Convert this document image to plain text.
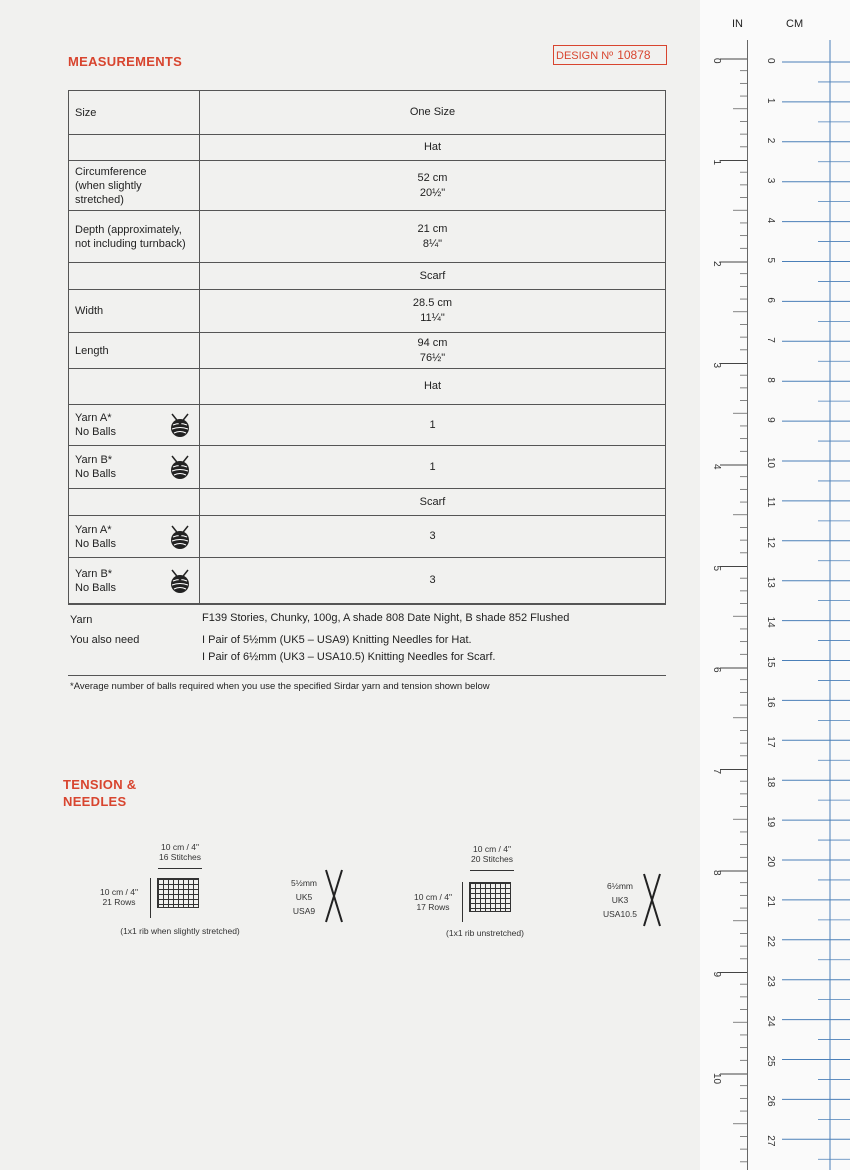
MEASUREMENTS	DESIGN Nº 10878
Size	One Size
	Hat
Circumference (when slightly stretched)	52 cm
20½"

Depth (approximately, not including turnback)	21 cm
8¼"

	Scarf
Width	28.5 cm
11¼"

Length	94 cm
76½"

	Hat

Yarn A*
No Balls	1

Yarn B*
No Balls	1
	Scarf

Yarn A*
No Balls	3

Yarn B*
No Balls	3
Yarn	F139 Stories, Chunky, 100g, A shade 808 Date Night, B shade 852 Flushed
You also need	I Pair of 5½mm (UK5 – USA9) Knitting Needles for Hat.
I Pair of 6½mm (UK3 – USA10.5) Knitting Needles for Scarf.
*Average number of balls required when you use the specified Sirdar yarn and tension shown below
TENSION &
NEEDLES
10 cm / 4"
16 Stitches
10 cm / 4"
21 Rows
(1x1 rib when slightly stretched)
5½mm
UK5
USA9
10 cm / 4"
20 Stitches
10 cm / 4"
17 Rows
(1x1 rib unstretched)
6½mm
UK3
USA10.5
IN	CM
0
1
2
3
4
5
6
7
8
9
10
0
1
2
3
4
5
6
7
8
9
10
11
12
13
14
15
16
17
18
19
20
21
22
23
24
25
26
27
